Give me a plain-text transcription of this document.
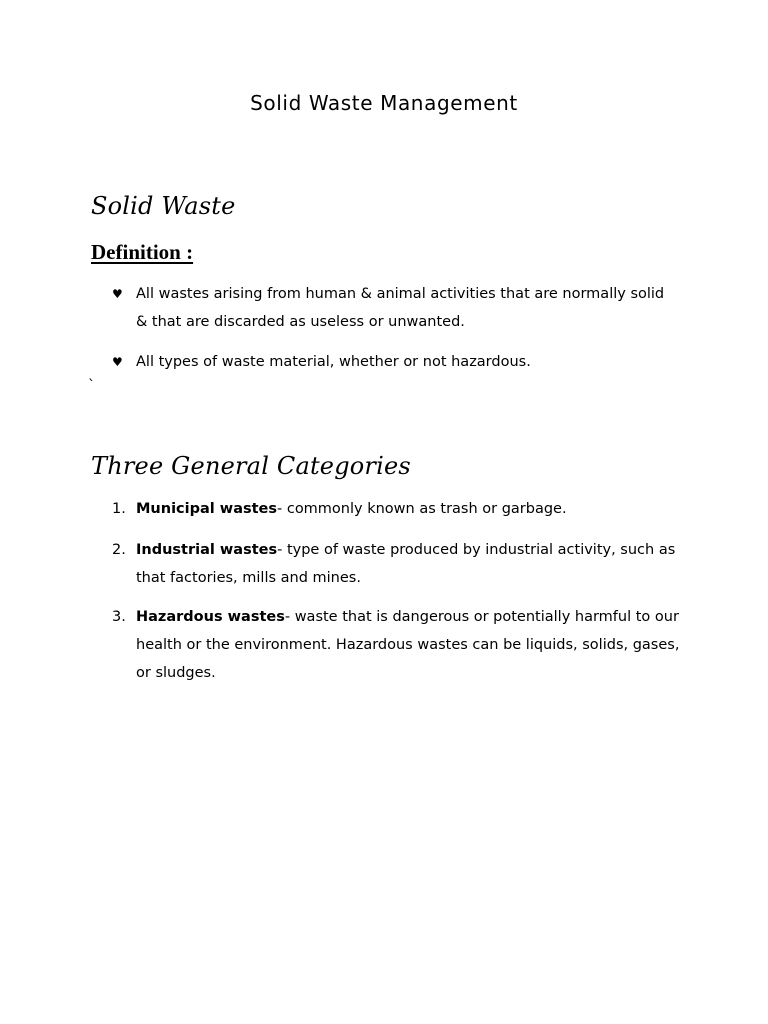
Solid Waste Management
Solid Waste
Definition :
♥ All wastes arising from human & animal activities that are normally solid & that are discarded as useless or unwanted.
♥ All types of waste material, whether or not hazardous.
`
Three General Categories
1. Municipal wastes- commonly known as trash or garbage.
2. Industrial wastes- type of waste produced by industrial activity, such as that factories, mills and mines.
3. Hazardous wastes- waste that is dangerous or potentially harmful to our health or the environment. Hazardous wastes can be liquids, solids, gases, or sludges.
